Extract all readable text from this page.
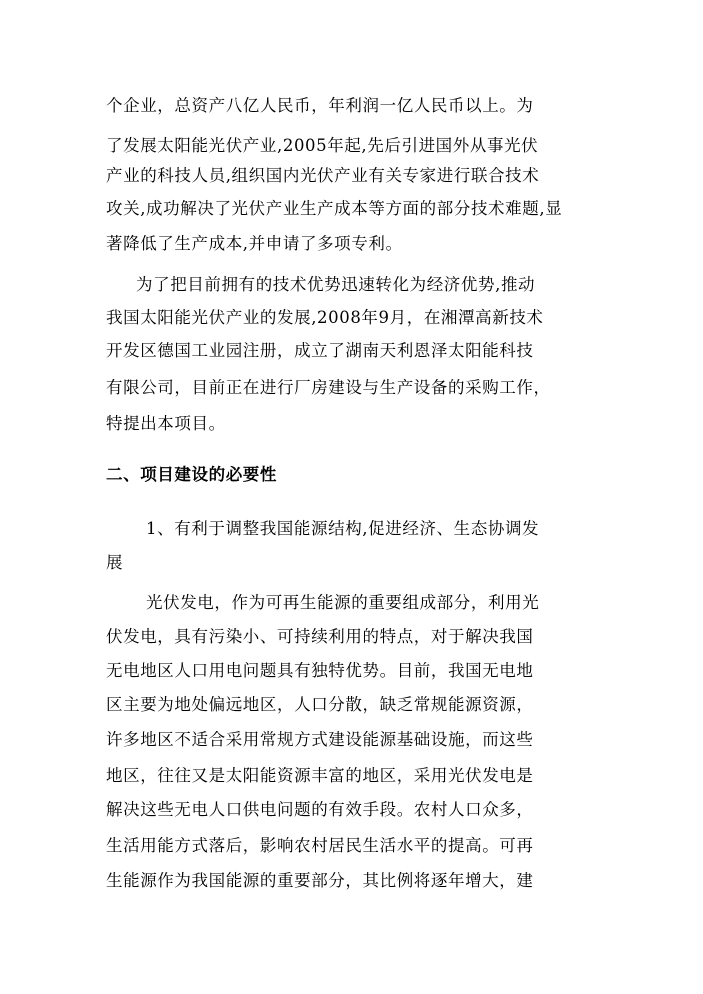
个企业，总资产八亿人民币，年利润一亿人民币以上。为
了发展太阳能光伏产业,2005年起,先后引进国外从事光伏
产业的科技人员,组织国内光伏产业有关专家进行联合技术
攻关,成功解决了光伏产业生产成本等方面的部分技术难题,显
著降低了生产成本,并申请了多项专利。
为了把目前拥有的技术优势迅速转化为经济优势,推动
我国太阳能光伏产业的发展,2008年9月，在湘潭高新技术
开发区德国工业园注册，成立了湖南天利恩泽太阳能科技
有限公司，目前正在进行厂房建设与生产设备的采购工作，
特提出本项目。
二、项目建设的必要性
1、有利于调整我国能源结构,促进经济、生态协调发
展
光伏发电，作为可再生能源的重要组成部分，利用光
伏发电，具有污染小、可持续利用的特点，对于解决我国
无电地区人口用电问题具有独特优势。目前，我国无电地
区主要为地处偏远地区，人口分散，缺乏常规能源资源，
许多地区不适合采用常规方式建设能源基础设施，而这些
地区，往往又是太阳能资源丰富的地区，采用光伏发电是
解决这些无电人口供电问题的有效手段。农村人口众多，
生活用能方式落后，影响农村居民生活水平的提高。可再
生能源作为我国能源的重要部分，其比例将逐年增大，建
